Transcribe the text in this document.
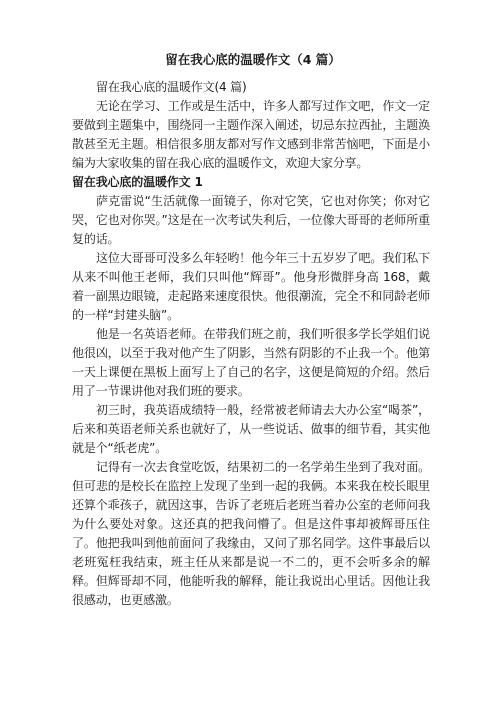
留在我心底的温暖作文（4 篇）

留在我心底的温暖作文(4 篇)

无论在学习、工作或是生活中，许多人都写过作文吧，作文一定要做到主题集中，围绕同一主题作深入阐述，切忌东拉西扯，主题涣散甚至无主题。相信很多朋友都对写作文感到非常苦恼吧，下面是小编为大家收集的留在我心底的温暖作文，欢迎大家分享。

留在我心底的温暖作文 1

萨克雷说“生活就像一面镜子，你对它笑，它也对你笑；你对它哭，它也对你哭。”这是在一次考试失利后，一位像大哥哥的老师所重复的话。

这位大哥哥可没多么年轻哟！他今年三十五岁岁了吧。我们私下从来不叫他王老师，我们只叫他“辉哥”。他身形微胖身高 168，戴着一副黑边眼镜，走起路来速度很快。他很潮流，完全不和同龄老师的一样“封建头脑”。

他是一名英语老师。在带我们班之前，我们听很多学长学姐们说他很凶，以至于我对他产生了阴影，当然有阴影的不止我一个。他第一天上课便在黑板上面写上了自己的名字，这便是简短的介绍。然后用了一节课讲他对我们班的要求。

初三时，我英语成绩特一般，经常被老师请去大办公室“喝茶”，后来和英语老师关系也就好了，从一些说话、做事的细节看，其实他就是个“纸老虎”。

记得有一次去食堂吃饭，结果初二的一名学弟生坐到了我对面。但可悲的是校长在监控上发现了坐到一起的我俩。本来我在校长眼里还算个乖孩子，就因这事，告诉了老班后老班当着办公室的老师问我为什么要处对象。这还真的把我问懵了。但是这件事却被辉哥压住了。他把我叫到他前面问了我缘由，又问了那名同学。这件事最后以老班冤枉我结束，班主任从来都是说一不二的，更不会听多余的解释。但辉哥却不同，他能听我的解释，能让我说出心里话。因他让我很感动，也更感激。
